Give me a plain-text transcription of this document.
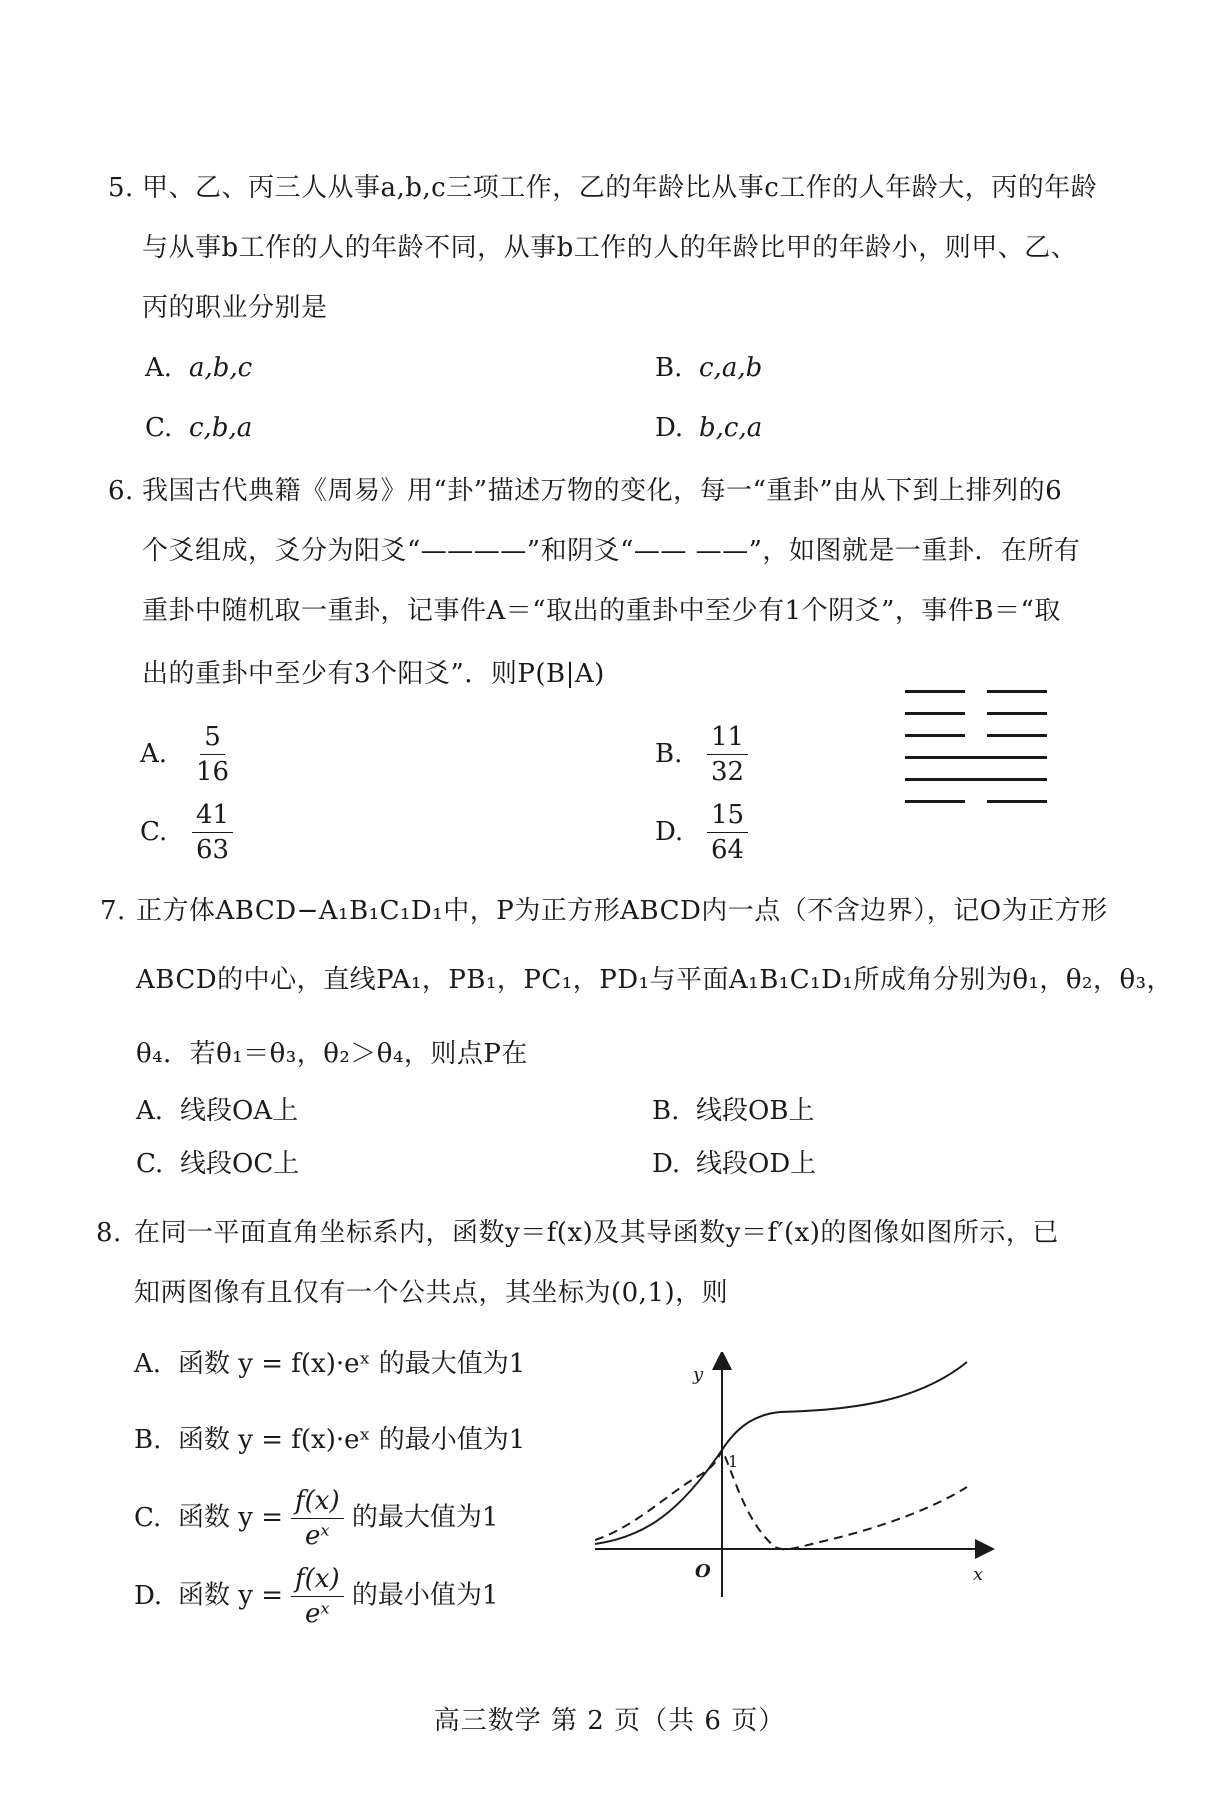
5. 甲、乙、丙三人从事a,b,c三项工作，乙的年龄比从事c工作的人年龄大，丙的年龄
与从事b工作的人的年龄不同，从事b工作的人的年龄比甲的年龄小，则甲、乙、
丙的职业分别是
A. a,b,c	B. c,a,b
C. c,b,a	D. b,c,a
6. 我国古代典籍《周易》用“卦”描述万物的变化，每一“重卦”由从下到上排列的6
个爻组成，爻分为阳爻“————”和阴爻“—— ——”，如图就是一重卦．在所有
重卦中随机取一重卦，记事件A＝“取出的重卦中至少有1个阴爻”，事件B＝“取
出的重卦中至少有3个阳爻”．则P(B|A)
A. $\frac{5}{16}$	B. $\frac{11}{32}$
C. $\frac{41}{63}$	D. $\frac{15}{64}$
7. 正方体ABCD−A₁B₁C₁D₁中，P为正方形ABCD内一点（不含边界），记O为正方形
ABCD的中心，直线PA₁，PB₁，PC₁，PD₁与平面A₁B₁C₁D₁所成角分别为θ₁，θ₂，θ₃，
θ₄．若θ₁＝θ₃，θ₂＞θ₄，则点P在
A. 线段OA上	B. 线段OB上
C. 线段OC上	D. 线段OD上
8. 在同一平面直角坐标系内，函数y＝f(x)及其导函数y＝f′(x)的图像如图所示，已
知两图像有且仅有一个公共点，其坐标为(0,1)，则
A. 函数 y = f(x)·eˣ 的最大值为1
B. 函数 y = f(x)·eˣ 的最小值为1
C. 函数 $y = \frac{f(x)}{\text{eˣ}}$ 的最大值为1
D. 函数 $y = \frac{f(x)}{\text{eˣ}}$ 的最小值为1
y
x
O
1
高三数学 第 2 页（共 6 页）
